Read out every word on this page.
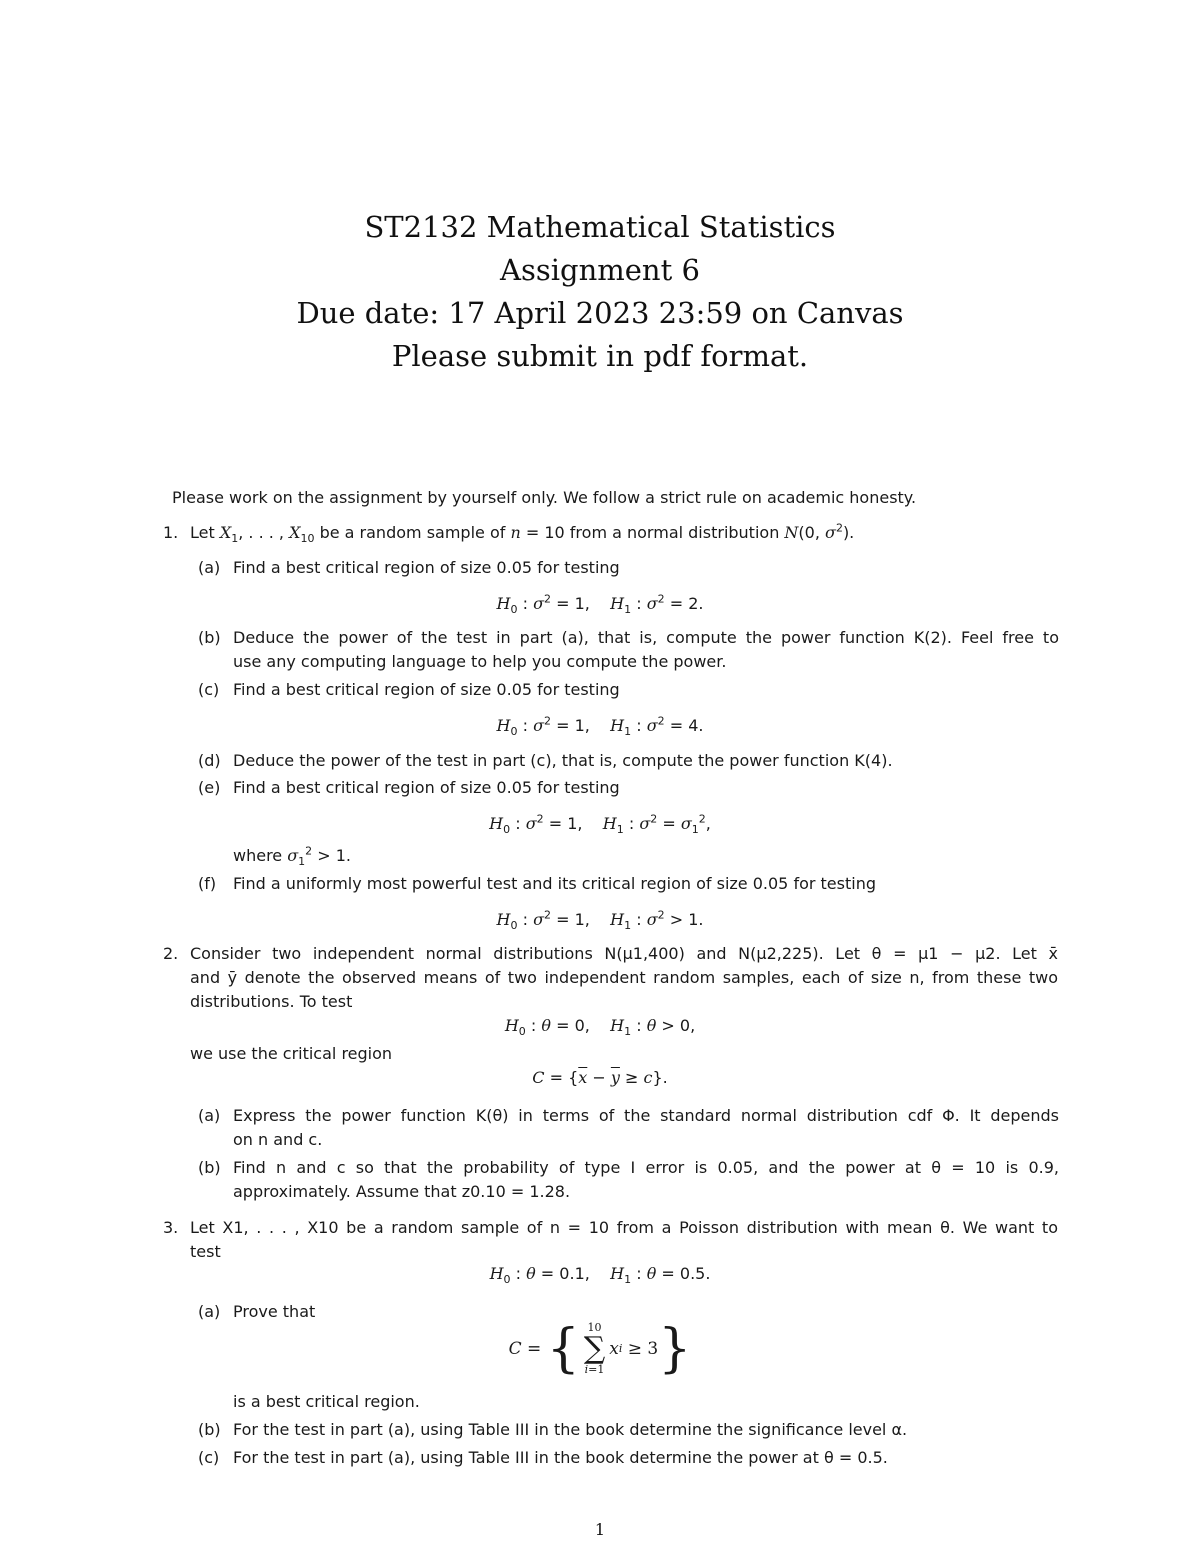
ST2132 Mathematical Statistics
Assignment 6
Due date: 17 April 2023 23:59 on Canvas
Please submit in pdf format.
Please work on the assignment by yourself only. We follow a strict rule on academic honesty.
1. Let $X_1$, . . . , $X_{10}$ be a random sample of n = 10 from a normal distribution N(0, $\sigma^2$).
(a) Find a best critical region of size 0.05 for testing
$H_0$ : $\sigma^2 = 1$,    $H_1$ : $\sigma^2 = 2$.
(b) Deduce the power of the test in part (a), that is, compute the power function K(2). Feel free to
use any computing language to help you compute the power.
(c) Find a best critical region of size 0.05 for testing
$H_0$ : $\sigma^2 = 1$,    $H_1$ : $\sigma^2 = 4$.
(d) Deduce the power of the test in part (c), that is, compute the power function K(4).
(e) Find a best critical region of size 0.05 for testing
$H_0$ : $\sigma^2 = 1$,    $H_1$ : $\sigma^2 = \sigma_1^2$,
where $\sigma_1^2 > 1$.
(f) Find a uniformly most powerful test and its critical region of size 0.05 for testing
$H_0$ : $\sigma^2 = 1$,    $H_1$ : $\sigma^2 > 1$.
2. Consider two independent normal distributions N(μ1,400) and N(μ2,225). Let θ = μ1 − μ2. Let x̄
and ȳ denote the observed means of two independent random samples, each of size n, from these two
distributions. To test
$H_0$ : θ = 0,    $H_1$ : θ > 0,
we use the critical region
$C = \{\overline{x} - \overline{y} \ge c\}$.
(a) Express the power function K(θ) in terms of the standard normal distribution cdf Φ. It depends
on n and c.
(b) Find n and c so that the probability of type I error is 0.05, and the power at θ = 10 is 0.9,
approximately. Assume that z0.10 = 1.28.
3. Let X1, . . . , X10 be a random sample of n = 10 from a Poisson distribution with mean θ. We want to
test
$H_0$ : θ = 0.1,    $H_1$ : θ = 0.5.
(a) Prove that
C = { 10
∑
i=1
x i ≥ 3 }
is a best critical region.
(b) For the test in part (a), using Table III in the book determine the significance level α.
(c) For the test in part (a), using Table III in the book determine the power at θ = 0.5.
1
